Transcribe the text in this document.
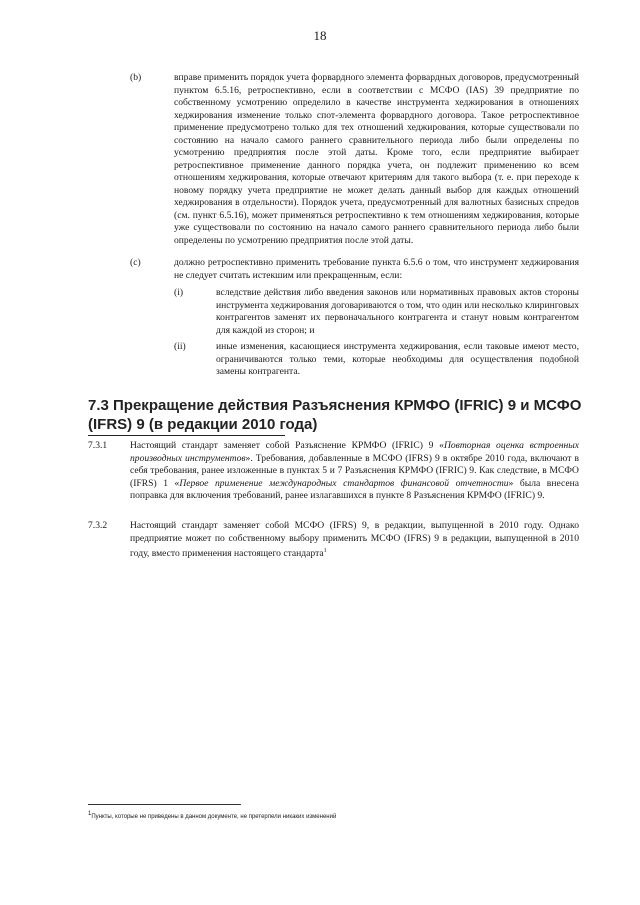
18
(b)	вправе применить порядок учета форвардного элемента форвардных договоров, предусмотренный пунктом 6.5.16, ретроспективно, если в соответствии с МСФО (IAS) 39 предприятие по собственному усмотрению определило в качестве инструмента хеджирования в отношениях хеджирования изменение только спот-элемента форвардного договора. Такое ретроспективное применение предусмотрено только для тех отношений хеджирования, которые существовали по состоянию на начало самого раннего сравнительного периода либо были определены по усмотрению предприятия после этой даты. Кроме того, если предприятие выбирает ретроспективное применение данного порядка учета, он подлежит применению ко всем отношениям хеджирования, которые отвечают критериям для такого выбора (т. е. при переходе к новому порядку учета предприятие не может делать данный выбор для каждых отношений хеджирования в отдельности). Порядок учета, предусмотренный для валютных базисных спредов (см. пункт 6.5.16), может применяться ретроспективно к тем отношениям хеджирования, которые уже существовали по состоянию на начало самого раннего сравнительного периода либо были определены по усмотрению предприятия после этой даты.
(c)	должно ретроспективно применить требование пункта 6.5.6 о том, что инструмент хеджирования не следует считать истекшим или прекращенным, если:
(i)	вследствие действия либо введения законов или нормативных правовых актов стороны инструмента хеджирования договариваются о том, что один или несколько клиринговых контрагентов заменят их первоначального контрагента и станут новым контрагентом для каждой из сторон; и
(ii)	иные изменения, касающиеся инструмента хеджирования, если таковые имеют место, ограничиваются только теми, которые необходимы для осуществления подобной замены контрагента.
7.3 Прекращение действия Разъяснения КРМФО (IFRIC) 9 и МСФО
(IFRS) 9 (в редакции 2010 года)
7.3.1 Настоящий стандарт заменяет собой Разъяснение КРМФО (IFRIC) 9 «Повторная оценка встроенных производных инструментов». Требования, добавленные в МСФО (IFRS) 9 в октябре 2010 года, включают в себя требования, ранее изложенные в пунктах 5 и 7 Разъяснения КРМФО (IFRIC) 9. Как следствие, в МСФО (IFRS) 1 «Первое применение международных стандартов финансовой отчетности» была внесена поправка для включения требований, ранее излагавшихся в пункте 8 Разъяснения КРМФО (IFRIC) 9.
7.3.2 Настоящий стандарт заменяет собой МСФО (IFRS) 9, в редакции, выпущенной в 2010 году. Однако предприятие может по собственному выбору применить МСФО (IFRS) 9 в редакции, выпущенной в 2010 году, вместо применения настоящего стандарта$^1$
$^1$Пункты, которые не приведены в данном документе, не претерпели никаких изменений
